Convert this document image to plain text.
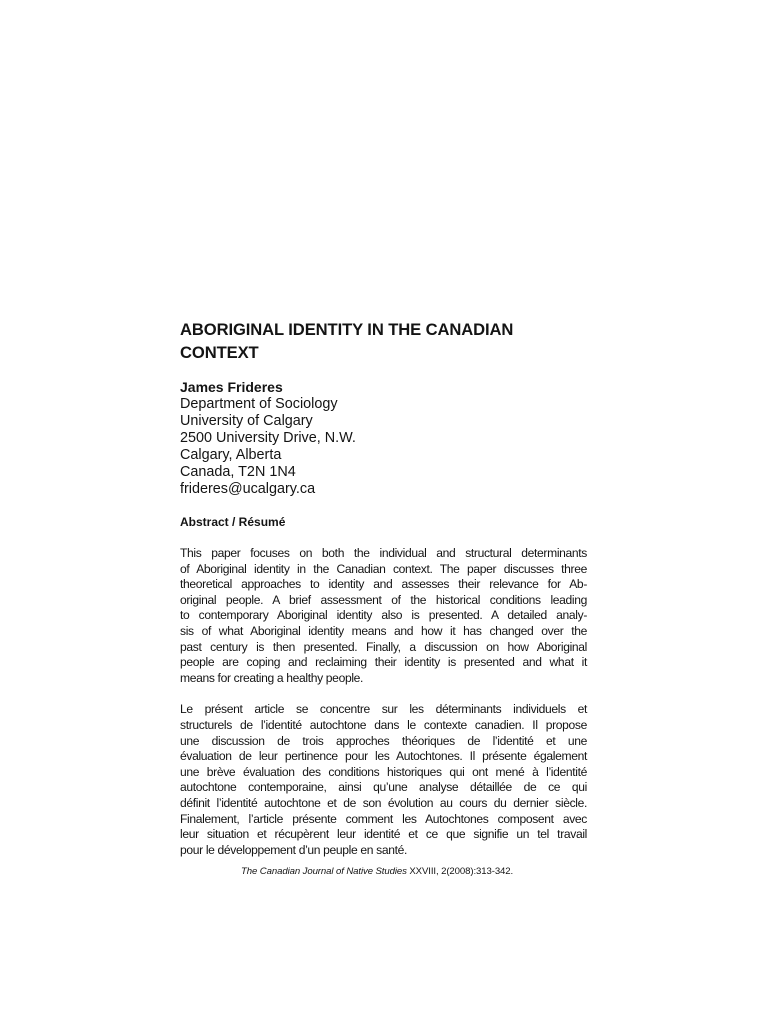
ABORIGINAL IDENTITY IN THE CANADIAN
CONTEXT
James Frideres
Department of Sociology
University of Calgary
2500 University Drive, N.W.
Calgary, Alberta
Canada, T2N 1N4
frideres@ucalgary.ca
Abstract / Résumé

This paper focuses on both the individual and structural determinants
of Aboriginal identity in the Canadian context. The paper discusses three
theoretical approaches to identity and assesses their relevance for Ab-
original people. A brief assessment of the historical conditions leading
to contemporary Aboriginal identity also is presented. A detailed analy-
sis of what Aboriginal identity means and how it has changed over the
past century is then presented. Finally, a discussion on how Aboriginal
people are coping and reclaiming their identity is presented and what it
means for creating a healthy people.

Le présent article se concentre sur les déterminants individuels et
structurels de l’identité autochtone dans le contexte canadien. Il propose
une discussion de trois approches théoriques de l’identité et une
évaluation de leur pertinence pour les Autochtones. Il présente également
une brève évaluation des conditions historiques qui ont mené à l’identité
autochtone contemporaine, ainsi qu’une analyse détaillée de ce qui
définit l’identité autochtone et de son évolution au cours du dernier siècle.
Finalement, l’article présente comment les Autochtones composent avec
leur situation et récupèrent leur identité et ce que signifie un tel travail
pour le développement d’un peuple en santé.

The Canadian Journal of Native Studies XXVIII, 2(2008):313-342.
